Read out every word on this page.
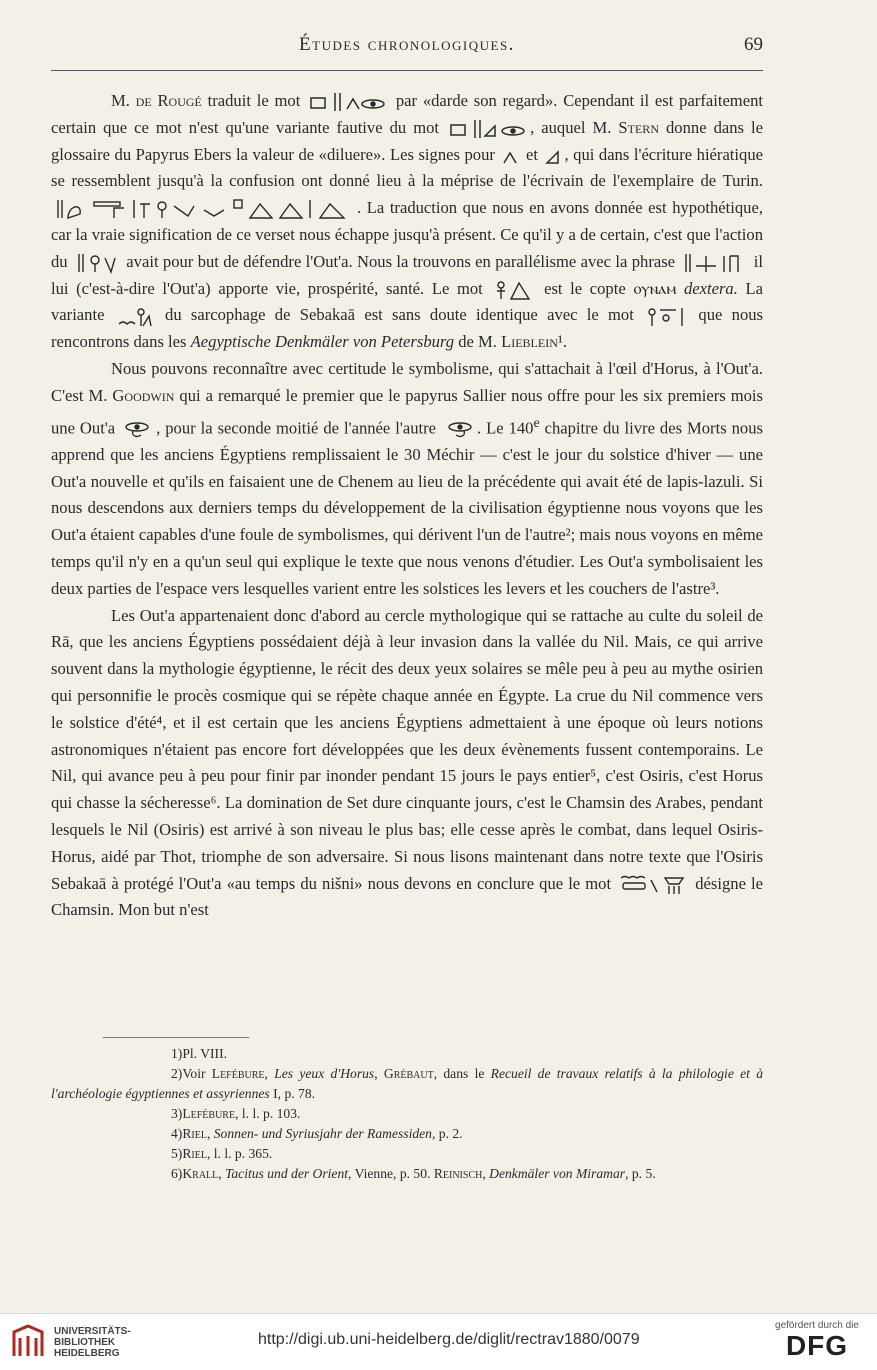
Études chronologiques.	69

M. de Rougé traduit le mot	par «darde son regard». Cependant il est parfaitement certain que ce mot n'est qu'une variante fautive du mot	, auquel M. Stern donne dans le glossaire du Papyrus Ebers la valeur de «diluere». Les signes pour
et
, qui dans l'écriture hiératique se ressemblent jusqu'à la confusion ont donné lieu à la méprise de l'écrivain de l'exemplaire de Turin.
. La traduction que nous en avons donnée est hypothétique, car la vraie signification de ce verset nous échappe jusqu'à présent. Ce qu'il y a de certain, c'est que l'action du	avait pour but de défendre l'Out'a. Nous la trouvons en parallélisme avec la phrase	il lui (c'est-à-dire l'Out'a) apporte vie, prospérité, santé. Le mot	est le copte ⲟⲩⲛⲁⲙ dextera. La variante	du sarcophage de Sebakaā est sans doute identique avec le mot	que nous rencontrons dans les Aegyptische Denkmäler von Petersburg de M. Lieblein¹.

Nous pouvons reconnaître avec certitude le symbolisme, qui s'attachait à l'œil d'Horus, à l'Out'a. C'est M. Goodwin qui a remarqué le premier que le papyrus Sallier nous offre pour les six premiers mois une Out'a
, pour la seconde moitié de l'année l'autre
. Le 140e chapitre du livre des Morts nous apprend que les anciens Égyptiens remplissaient le 30 Méchir — c'est le jour du solstice d'hiver — une Out'a nouvelle et qu'ils en faisaient une de Chenem au lieu de la précédente qui avait été de lapis-lazuli. Si nous descendons aux derniers temps du développement de la civilisation égyptienne nous voyons que les Out'a étaient capables d'une foule de symbolismes, qui dérivent l'un de l'autre²; mais nous voyons en même temps qu'il n'y en a qu'un seul qui explique le texte que nous venons d'étudier. Les Out'a symbolisaient les deux parties de l'espace vers lesquelles varient entre les solstices les levers et les couchers de l'astre³.

Les Out'a appartenaient donc d'abord au cercle mythologique qui se rattache au culte du soleil de Rā, que les anciens Égyptiens possédaient déjà à leur invasion dans la vallée du Nil. Mais, ce qui arrive souvent dans la mythologie égyptienne, le récit des deux yeux solaires se mêle peu à peu au mythe osirien qui personnifie le procès cosmique qui se répète chaque année en Égypte. La crue du Nil commence vers le solstice d'été⁴, et il est certain que les anciens Égyptiens admettaient à une époque où leurs notions astronomiques n'étaient pas encore fort développées que les deux évènements fussent contemporains. Le Nil, qui avance peu à peu pour finir par inonder pendant 15 jours le pays entier⁵, c'est Osiris, c'est Horus qui chasse la sécheresse⁶. La domination de Set dure cinquante jours, c'est le Chamsin des Arabes, pendant lesquels le Nil (Osiris) est arrivé à son niveau le plus bas; elle cesse après le combat, dans lequel Osiris-Horus, aidé par Thot, triomphe de son adversaire. Si nous lisons maintenant dans notre texte que l'Osiris Sebakaā à protégé l'Out'a «au temps du nišni» nous devons en conclure que le mot	désigne le Chamsin. Mon but n'est

1)Pl. VIII.

2)Voir Lefébure, Les yeux d'Horus, Grébaut, dans le Recueil de travaux relatifs à la philologie et à l'archéologie égyptiennes et assyriennes I, p. 78.

3)Lefébure, l. l. p. 103.

4)Riel, Sonnen- und Syriusjahr der Ramessiden, p. 2.

5)Riel, l. l. p. 365.

6)Krall, Tacitus und der Orient, Vienne, p. 50. Reinisch, Denkmäler von Miramar, p. 5.

UNIVERSITÄTS-
BIBLIOTHEK
HEIDELBERG
http://digi.ub.uni-heidelberg.de/diglit/rectrav1880/0079
gefördert durch die
DFG
